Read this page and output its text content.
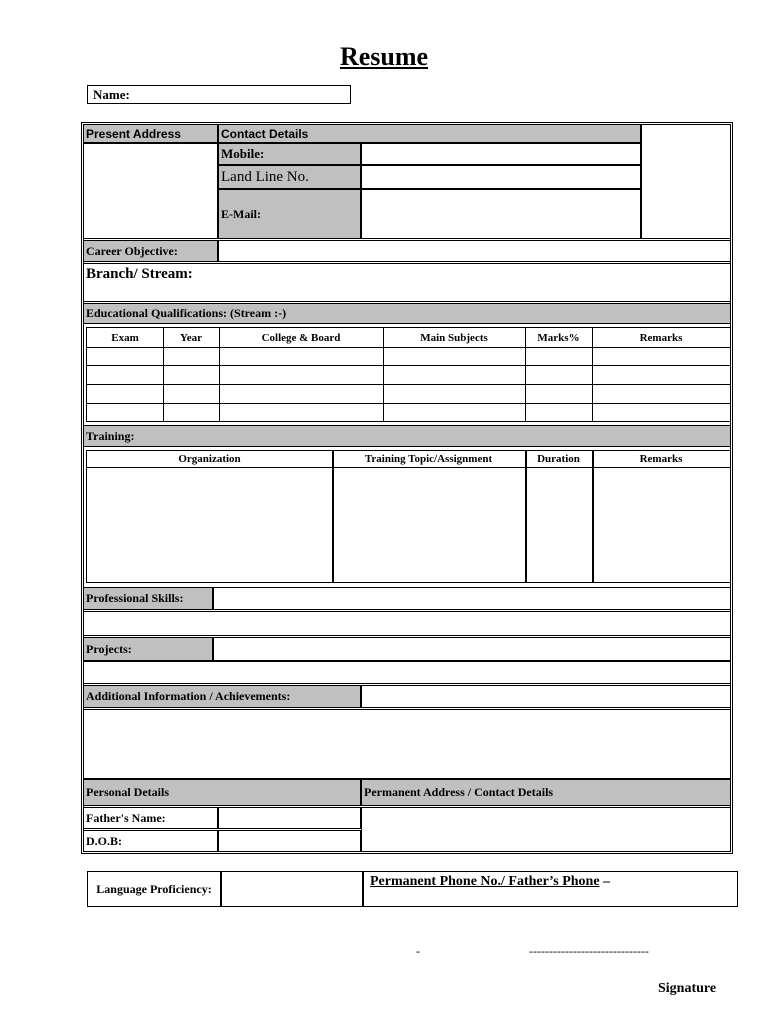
Resume
Name:
Present Address	Contact Details
Mobile:
Land Line No.
E-Mail:
Career Objective:
Branch/ Stream:
Educational Qualifications: (Stream :-)
Exam	Year	College & Board	Main Subjects	Marks%	Remarks
Training:
Organization	Training Topic/Assignment	Duration	Remarks
Professional Skills:
Projects:
Additional Information / Achievements:
Personal Details	Permanent Address / Contact Details
Father's Name:
D.O.B:
Language Proficiency:	Permanent Phone No./ Father’s Phone –
-	------------------------------
Signature
